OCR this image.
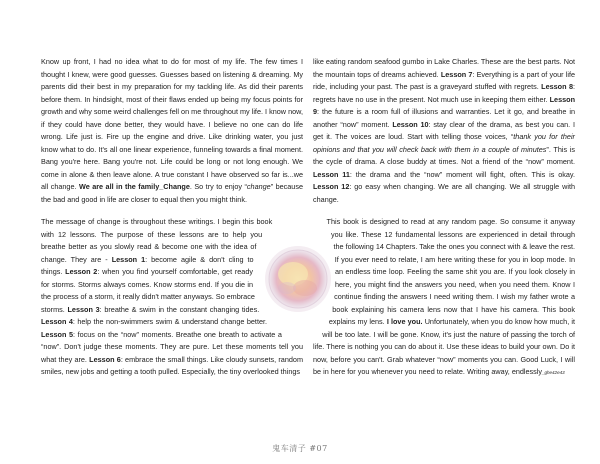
Know up front, I had no idea what to do for most of my life. The few times I thought I knew, were good guesses. Guesses based on listening & dreaming. My parents did their best in my preparation for my tackling life. As did their parents before them. In hindsight, most of their flaws ended up being my focus points for growth and why some weird challenges fell on me throughout my life. I know now, if they could have done better, they would have. I believe no one can do life wrong. Life just is. Fire up the engine and drive. Like drinking water, you just know what to do. It's all one linear experience, funneling towards a final moment. Bang you're here. Bang you're not. Life could be long or not long enough. We come in alone & then leave alone. A true constant I have observed so far is...we all change. We are all in the family_Change. So try to enjoy “change” because the bad and good in life are closer to equal then you might think.

The message of change is throughout these writings. I begin this book with 12 lessons. The purpose of these lessons are to help you breathe better as you slowly read & become one with the idea of change. They are - Lesson 1: become agile & don't cling to things. Lesson 2: when you find yourself comfortable, get ready for storms. Storms always comes. Know storms end. If you die in the process of a storm, it really didn't matter anyways. So embrace storms. Lesson 3: breathe & swim in the constant changing tides. Lesson 4: help the non-swimmers swim & understand change better. Lesson 5: focus on the “now” moments. Breathe one breath to activate a “now”. Don't judge these moments. They are pure. Let these moments tell you what they are. Lesson 6: embrace the small things. Like cloudy sunsets, random smiles, new jobs and getting a tooth pulled. Especially, the tiny overlooked things

like eating random seafood gumbo in Lake Charles. These are the best parts. Not the mountain tops of dreams achieved. Lesson 7: Everything is a part of your life ride, including your past. The past is a graveyard stuffed with regrets. Lesson 8: regrets have no use in the present. Not much use in keeping them either. Lesson 9: the future is a room full of illusions and warranties. Let it go, and breathe in another “now” moment. Lesson 10: stay clear of the drama, as best you can. I get it. The voices are loud. Start with telling those voices, “thank you for their opinions and that you will check back with them in a couple of minutes”. This is the cycle of drama. A close buddy at times. Not a friend of the “now” moment. Lesson 11: the drama and the “now” moment will fight, often. This is okay. Lesson 12: go easy when changing. We are all changing. We all struggle with change.

This book is designed to read at any random page. So consume it anyway you like. These 12 fundamental lessons are experienced in detail through the following 14 Chapters. Take the ones you connect with & leave the rest. If you ever need to relate, I am here writing these for you in loop mode. In an endless time loop. Feeling the same shit you are. If you look closely in here, you might find the answers you need, when you need them. Know I continue finding the answers I need writing them. I wish my father wrote a book explaining his camera lens now that I have his camera. This book explains my lens. I love you. Unfortunately, when you do know how much, it will be too late. I will be gone. Know, it's just the nature of passing the torch of life. There is nothing you can do about it. Use these ideas to build your own. Do it now, before you can't. Grab whatever “now” moments you can. Good Luck, I will be in here for you whenever you need to relate. Writing away, endlessly_ghe42e43

鬼车清子 #07
